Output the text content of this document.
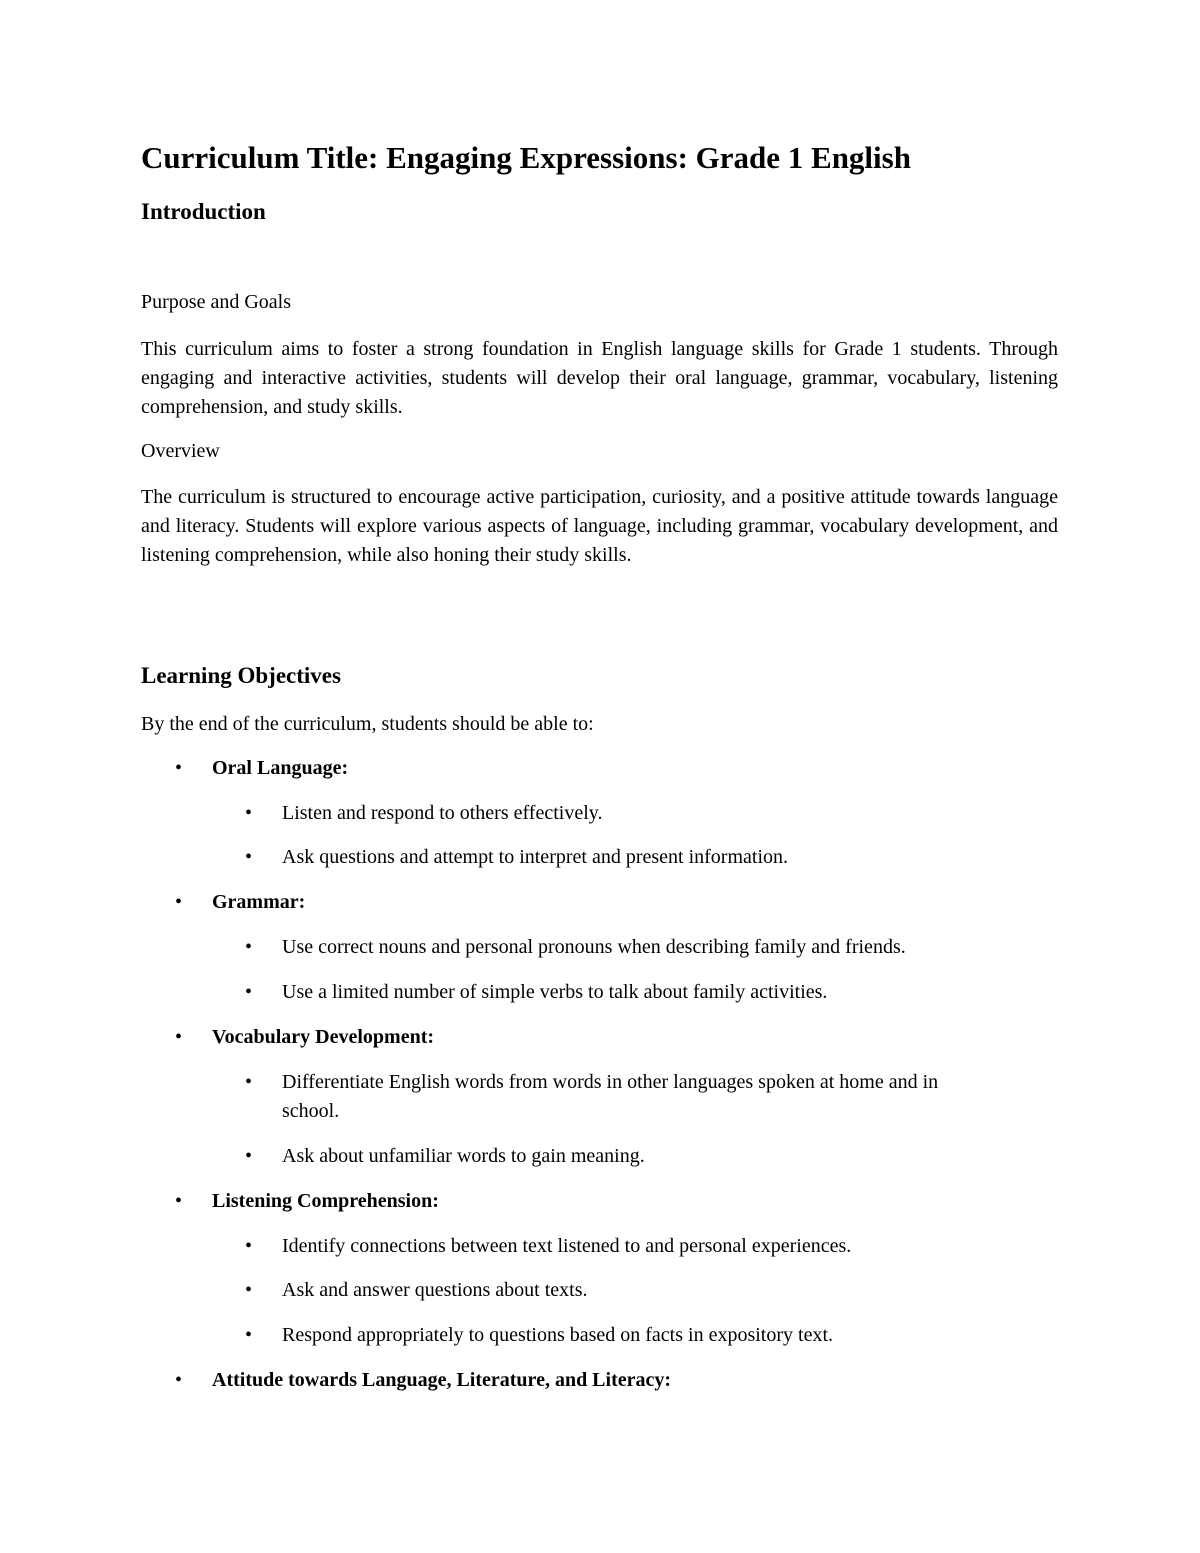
Curriculum Title: Engaging Expressions: Grade 1 English
Introduction

Purpose and Goals

This curriculum aims to foster a strong foundation in English language skills for Grade 1 students. Through engaging and interactive activities, students will develop their oral language, grammar, vocabulary, listening comprehension, and study skills.

Overview

The curriculum is structured to encourage active participation, curiosity, and a positive attitude towards language and literacy. Students will explore various aspects of language, including grammar, vocabulary development, and listening comprehension, while also honing their study skills.

Learning Objectives

By the end of the curriculum, students should be able to:

• Oral Language:

• Listen and respond to others effectively.

• Ask questions and attempt to interpret and present information.

• Grammar:

• Use correct nouns and personal pronouns when describing family and friends.

• Use a limited number of simple verbs to talk about family activities.

• Vocabulary Development:

• Differentiate English words from words in other languages spoken at home and in

school.

• Ask about unfamiliar words to gain meaning.

• Listening Comprehension:

• Identify connections between text listened to and personal experiences.

• Ask and answer questions about texts.

• Respond appropriately to questions based on facts in expository text.

• Attitude towards Language, Literature, and Literacy:
